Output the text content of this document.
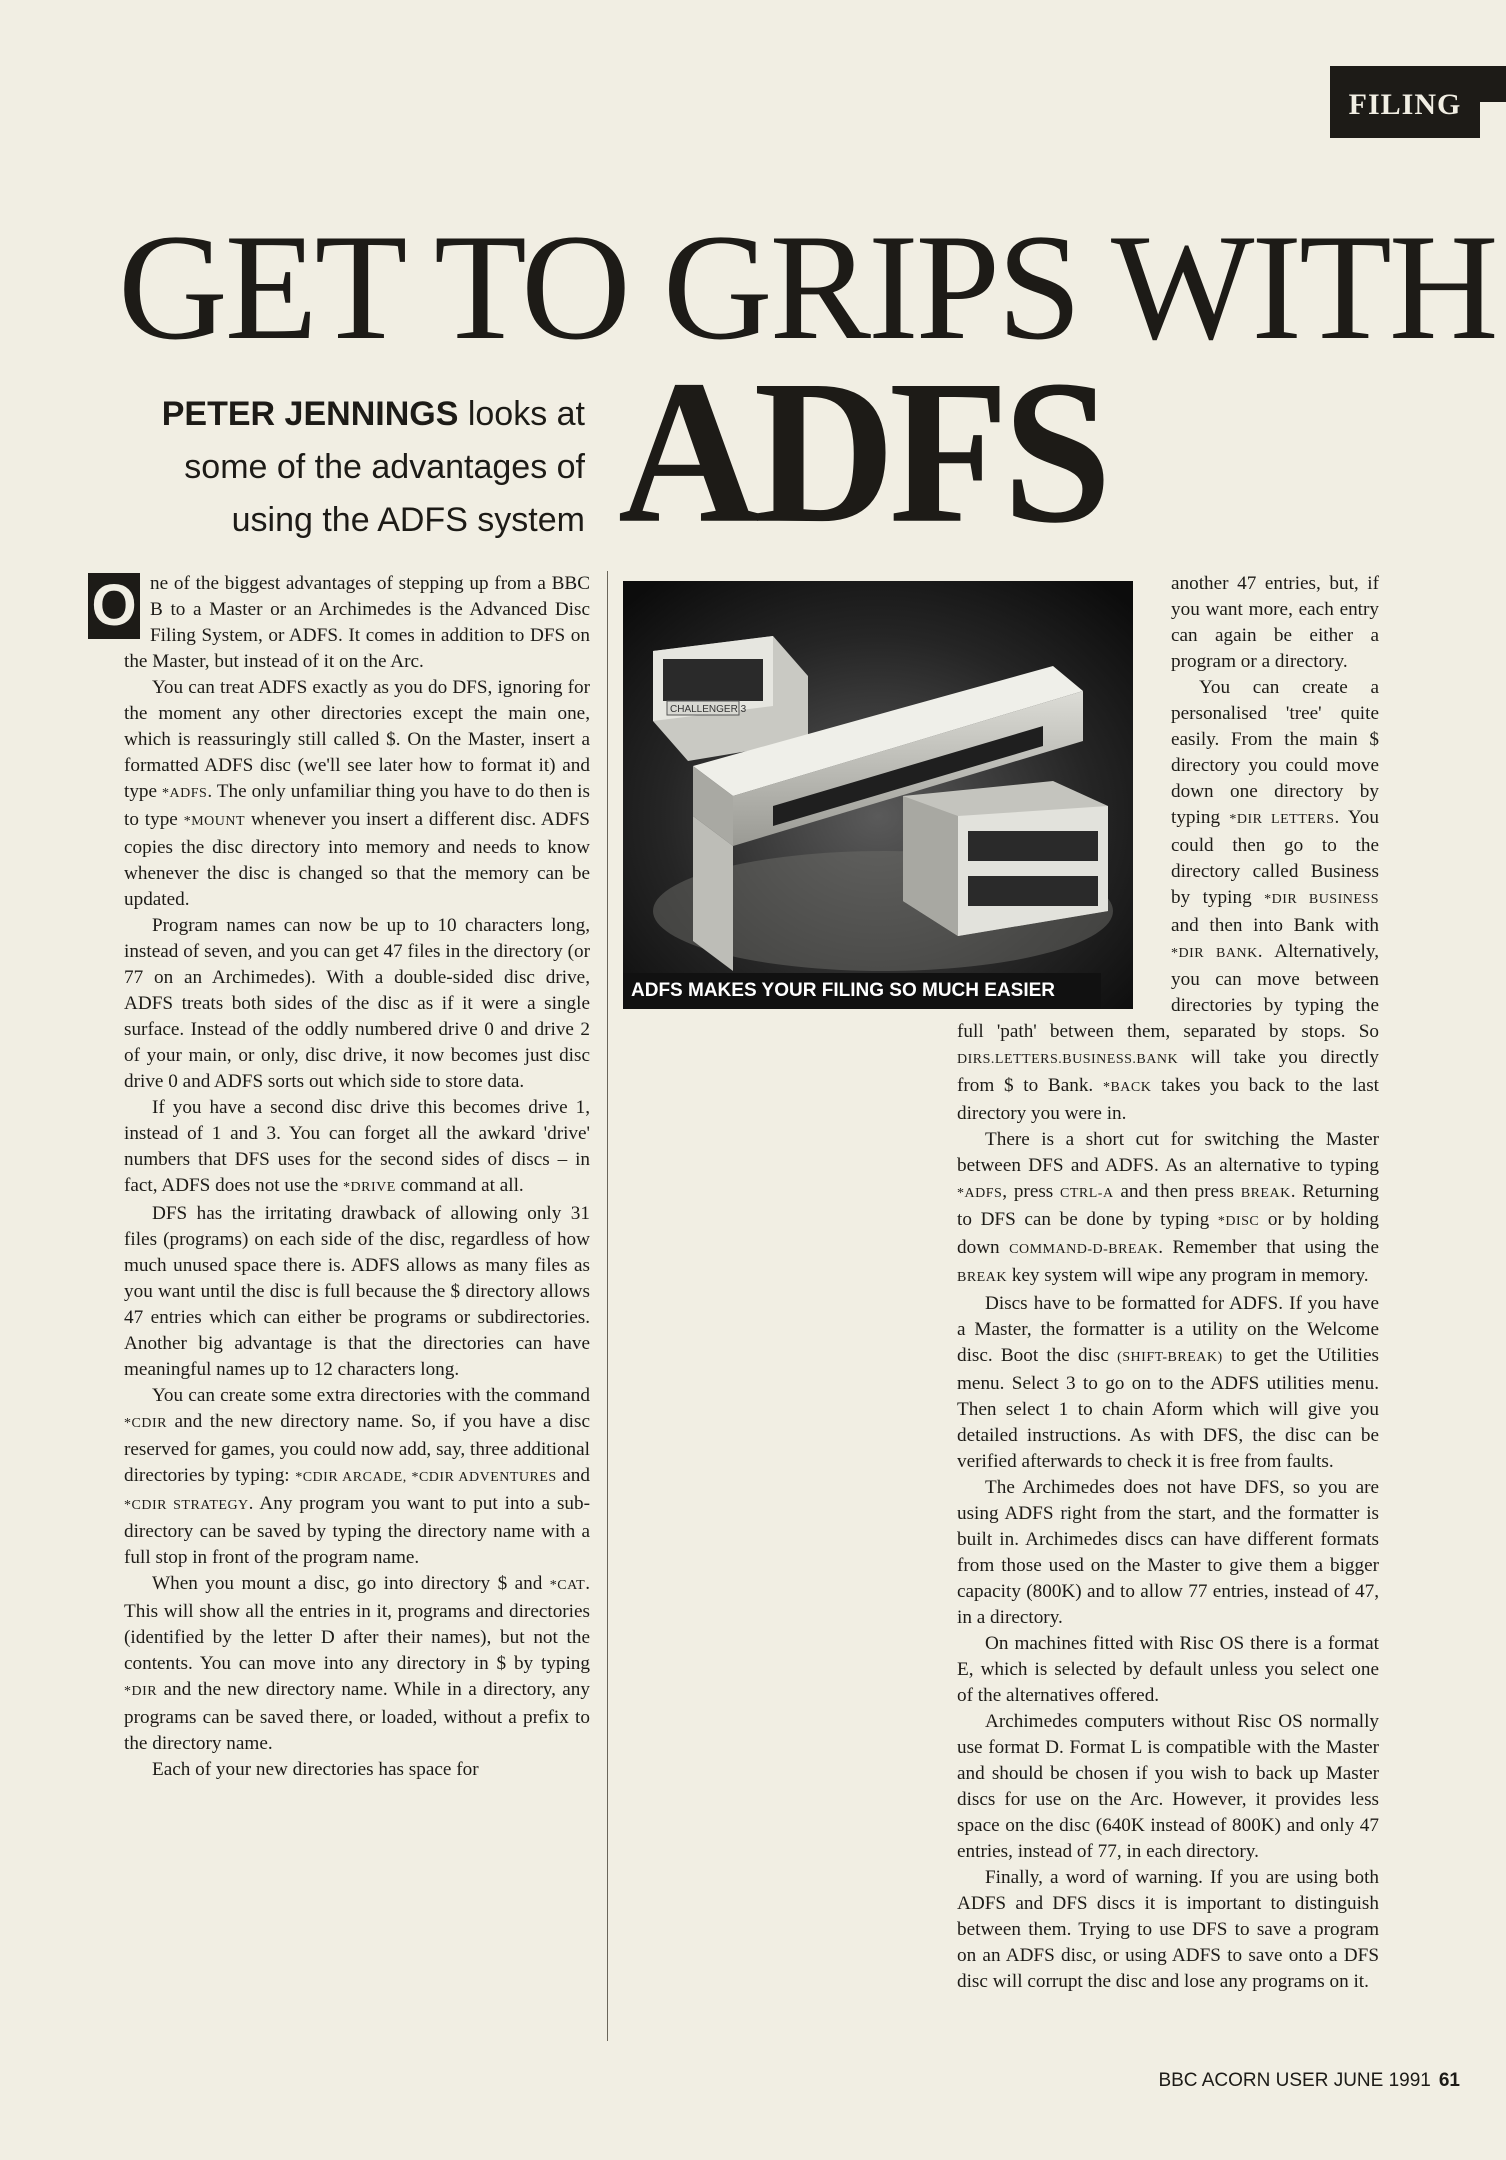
FILING
GET TO GRIPS WITH
ADFS
PETER JENNINGS looks at
some of the advantages of
using the ADFS system
CHALLENGER 3
ADFS MAKES YOUR FILING SO MUCH EASIER

O ne of the biggest advantages of stepping up from a BBC B to a Master or an Archimedes is the Advanced Disc Filing System, or ADFS. It comes in addition to DFS on the Master, but instead of it on the Arc.

You can treat ADFS exactly as you do DFS, ignoring for the moment any other directories except the main one, which is reassuringly still called $. On the Master, insert a formatted ADFS disc (we'll see later how to format it) and type *ADFS. The only unfamiliar thing you have to do then is to type *MOUNT whenever you insert a different disc. ADFS copies the disc directory into memory and needs to know whenever the disc is changed so that the memory can be updated.

Program names can now be up to 10 characters long, instead of seven, and you can get 47 files in the directory (or 77 on an Archimedes). With a double-sided disc drive, ADFS treats both sides of the disc as if it were a single surface. Instead of the oddly numbered drive 0 and drive 2 of your main, or only, disc drive, it now becomes just disc drive 0 and ADFS sorts out which side to store data.

If you have a second disc drive this becomes drive 1, instead of 1 and 3. You can forget all the awkard 'drive' numbers that DFS uses for the second sides of discs – in fact, ADFS does not use the *DRIVE command at all.

DFS has the irritating drawback of allowing only 31 files (programs) on each side of the disc, regardless of how much unused space there is. ADFS allows as many files as you want until the disc is full because the $ directory allows 47 entries which can either be programs or subdirectories. Another big advantage is that the directories can have meaningful names up to 12 characters long.

You can create some extra directories with the command *CDIR and the new directory name. So, if you have a disc reserved for games, you could now add, say, three additional directories by typing: *CDIR ARCADE, *CDIR ADVENTURES and *CDIR STRATEGY. Any program you want to put into a sub-directory can be saved by typing the directory name with a full stop in front of the program name.

When you mount a disc, go into directory $ and *CAT. This will show all the entries in it, programs and directories (identified by the letter D after their names), but not the contents. You can move into any directory in $ by typing *DIR and the new directory name. While in a directory, any programs can be saved there, or loaded, without a prefix to the directory name.

Each of your new directories has space for

another 47 entries, but, if you want more, each entry can again be either a program or a directory.

You can create a personalised 'tree' quite easily. From the main $ directory you could move down one directory by typing *DIR LETTERS. You could then go to the directory called Business by typing *DIR BUSINESS and then into Bank with *DIR BANK. Alternatively, you can move between directories by typing the full 'path' between them, separated by stops. So DIRS.LETTERS.BUSINESS.BANK will take you directly from $ to Bank. *BACK takes you back to the last directory you were in.

There is a short cut for switching the Master between DFS and ADFS. As an alternative to typing *ADFS, press CTRL-A and then press BREAK. Returning to DFS can be done by typing *DISC or by holding down COMMAND-D-BREAK. Remember that using the BREAK key system will wipe any program in memory.

Discs have to be formatted for ADFS. If you have a Master, the formatter is a utility on the Welcome disc. Boot the disc (SHIFT-BREAK) to get the Utilities menu. Select 3 to go on to the ADFS utilities menu. Then select 1 to chain Aform which will give you detailed instructions. As with DFS, the disc can be verified afterwards to check it is free from faults.

The Archimedes does not have DFS, so you are using ADFS right from the start, and the formatter is built in. Archimedes discs can have different formats from those used on the Master to give them a bigger capacity (800K) and to allow 77 entries, instead of 47, in a directory.

On machines fitted with Risc OS there is a format E, which is selected by default unless you select one of the alternatives offered.

Archimedes computers without Risc OS normally use format D. Format L is compatible with the Master and should be chosen if you wish to back up Master discs for use on the Arc. However, it provides less space on the disc (640K instead of 800K) and only 47 entries, instead of 77, in each directory.

Finally, a word of warning. If you are using both ADFS and DFS discs it is important to distinguish between them. Trying to use DFS to save a program on an ADFS disc, or using ADFS to save onto a DFS disc will corrupt the disc and lose any programs on it.

BBC ACORN USER JUNE 1991 61
